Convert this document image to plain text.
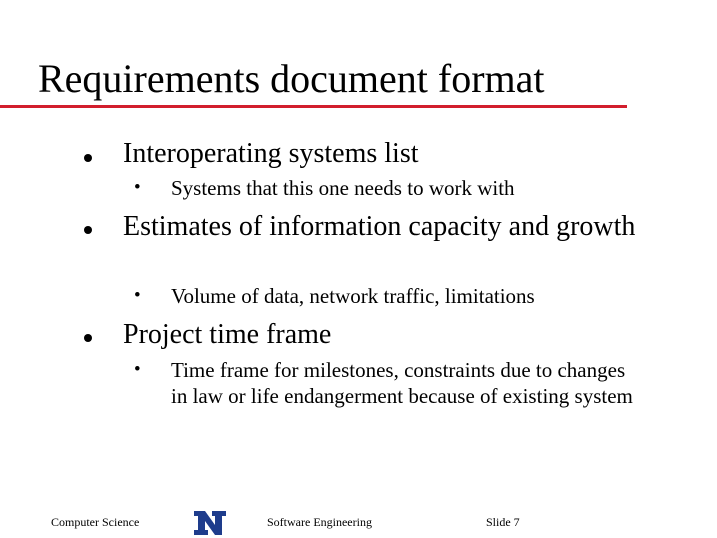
Requirements document format
Interoperating systems list
• Systems that this one needs to work with
Estimates of information capacity and growth
• Volume of data, network traffic, limitations
Project time frame
• Time frame for milestones, constraints due to changes in law or life endangerment because of existing system
Computer Science	Software Engineering	Slide 7
